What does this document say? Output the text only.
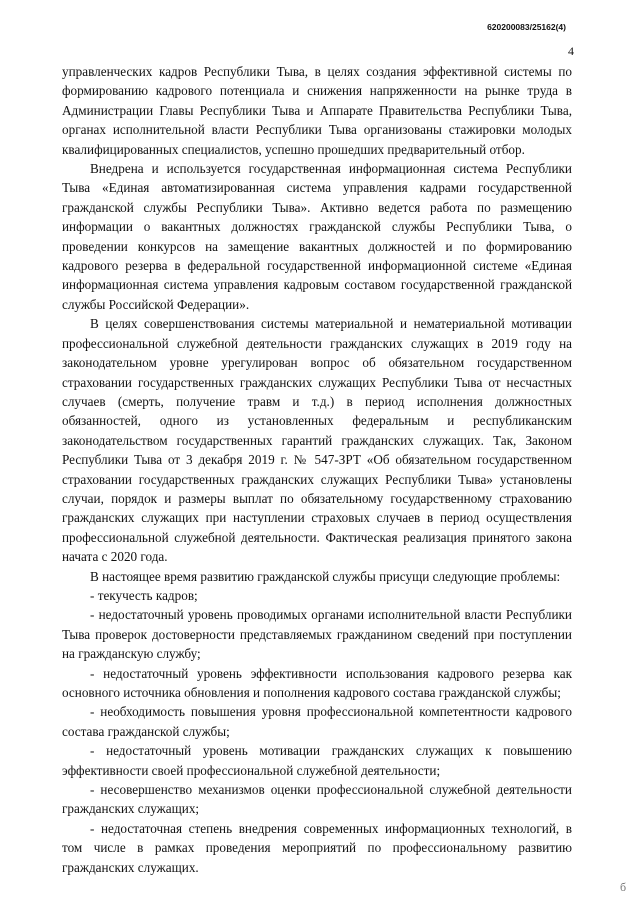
620200083/25162(4)
4

управленческих кадров Республики Тыва, в целях создания эффективной системы по формированию кадрового потенциала и снижения напряженности на рынке труда в Администрации Главы Республики Тыва и Аппарате Правительства Республики Тыва, органах исполнительной власти Республики Тыва организованы стажировки молодых квалифицированных специалистов, успешно прошедших предварительный отбор.

Внедрена и используется государственная информационная система Республики Тыва «Единая автоматизированная система управления кадрами государственной гражданской службы Республики Тыва». Активно ведется работа по размещению информации о вакантных должностях гражданской службы Республики Тыва, о проведении конкурсов на замещение вакантных должностей и по формированию кадрового резерва в федеральной государственной информационной системе «Единая информационная система управления кадровым составом государственной гражданской службы Российской Федерации».

В целях совершенствования системы материальной и нематериальной мотивации профессиональной служебной деятельности гражданских служащих в 2019 году на законодательном уровне урегулирован вопрос об обязательном государственном страховании государственных гражданских служащих Республики Тыва от несчастных случаев (смерть, получение травм и т.д.) в период исполнения должностных обязанностей, одного из установленных федеральным и республиканским законодательством государственных гарантий гражданских служащих. Так, Законом Республики Тыва от 3 декабря 2019 г. № 547-ЗРТ «Об обязательном государственном страховании государственных гражданских служащих Республики Тыва» установлены случаи, порядок и размеры выплат по обязательному государственному страхованию гражданских служащих при наступлении страховых случаев в период осуществления профессиональной служебной деятельности. Фактическая реализация принятого закона начата с 2020 года.

В настоящее время развитию гражданской службы присущи следующие проблемы:

- текучесть кадров;

- недостаточный уровень проводимых органами исполнительной власти Республики Тыва проверок достоверности представляемых гражданином сведений при поступлении на гражданскую службу;

- недостаточный уровень эффективности использования кадрового резерва как основного источника обновления и пополнения кадрового состава гражданской службы;

- необходимость повышения уровня профессиональной компетентности кадрового состава гражданской службы;

- недостаточный уровень мотивации гражданских служащих к повышению эффективности своей профессиональной служебной деятельности;

- несовершенство механизмов оценки профессиональной служебной деятельности гражданских служащих;

- недостаточная степень внедрения современных информационных технологий, в том числе в рамках проведения мероприятий по профессиональному развитию гражданских служащих.

б
